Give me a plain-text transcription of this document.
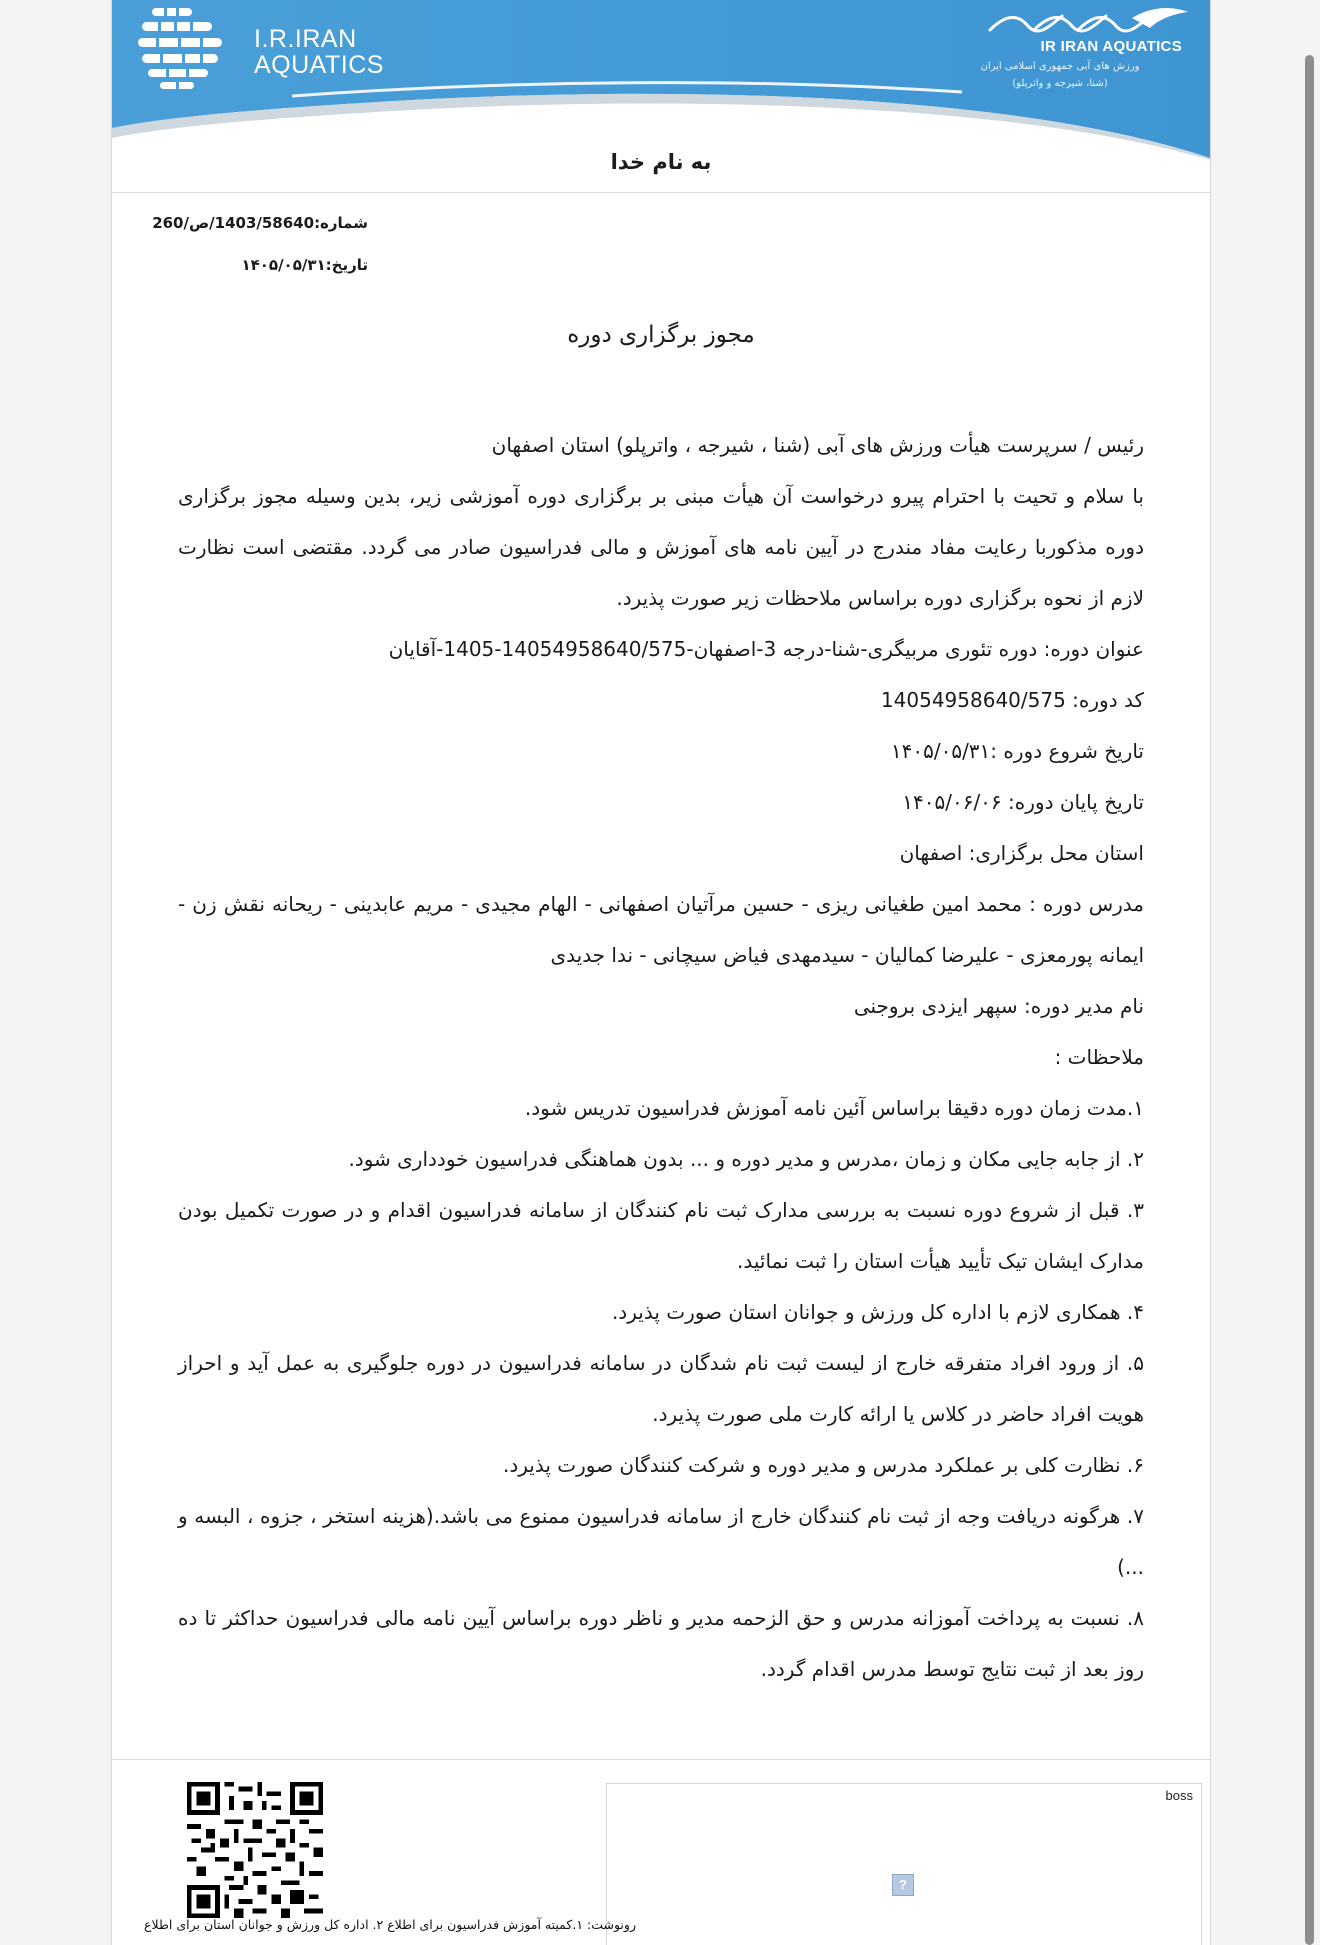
I.R.IRAN
AQUATICS
IR IRAN AQUATICS
ورزش های آبی جمهوری اسلامی ایران
(شنا، شیرجه و واترپلو)
به نام خدا
شماره:1403/58640/ص/260
تاریخ:۱۴۰۵/۰۵/۳۱
مجوز برگزاری دوره

رئیس / سرپرست هیأت ورزش های آبی (شنا ، شیرجه ، واترپلو) استان اصفهان

با سلام و تحیت با احترام پیرو درخواست آن هیأت مبنی بر برگزاری دوره آموزشی زیر، بدین وسیله مجوز برگزاری دوره مذکوربا رعایت مفاد مندرج در آیین نامه های آموزش و مالی فدراسیون صادر می گردد. مقتضی است نظارت لازم از نحوه برگزاری دوره براساس ملاحظات زیر صورت پذیرد.

عنوان دوره: دوره تئوری مربیگری-شنا-درجه 3-اصفهان-14054958640/575-1405-آقایان

کد دوره: 14054958640/575

تاریخ شروع دوره :۱۴۰۵/۰۵/۳۱

تاریخ پایان دوره: ۱۴۰۵/۰۶/۰۶

استان محل برگزاری: اصفهان

مدرس دوره : محمد امین طغیانی ریزی - حسین مرآتیان اصفهانی - الهام مجیدی - مریم عابدینی - ریحانه نقش زن - ایمانه پورمعزی - علیرضا کمالیان - سیدمهدی فیاض سیچانی - ندا جدیدی

نام مدیر دوره: سپهر ایزدی بروجنی

ملاحظات :

۱.مدت زمان دوره دقیقا براساس آئین نامه آموزش فدراسیون تدریس شود.

۲. از جابه جایی مکان و زمان ،مدرس و مدیر دوره و ... بدون هماهنگی فدراسیون خودداری شود.

۳. قبل از شروع دوره نسبت به بررسی مدارک ثبت نام کنندگان از سامانه فدراسیون اقدام و در صورت تکمیل بودن مدارک ایشان تیک تأیید هیأت استان را ثبت نمائید.

۴. همکاری لازم با اداره کل ورزش و جوانان استان صورت پذیرد.

۵. از ورود افراد متفرقه خارج از لیست ثبت نام شدگان در سامانه فدراسیون در دوره جلوگیری به عمل آید و احراز هویت افراد حاضر در کلاس یا ارائه کارت ملی صورت پذیرد.

۶. نظارت کلی بر عملکرد مدرس و مدیر دوره و شرکت کنندگان صورت پذیرد.

۷. هرگونه دریافت وجه از ثبت نام کنندگان خارج از سامانه فدراسیون ممنوع می باشد.(هزینه استخر ، جزوه ، البسه و ...)

۸. نسبت به پرداخت آموزانه مدرس و حق الزحمه مدیر و ناظر دوره براساس آیین نامه مالی فدراسیون حداکثر تا ده روز بعد از ثبت نتایج توسط مدرس اقدام گردد.

boss
?
رونوشت: ۱.کمیته آموزش فدراسیون برای اطلاع ۲. اداره کل ورزش و جوانان استان برای اطلاع
